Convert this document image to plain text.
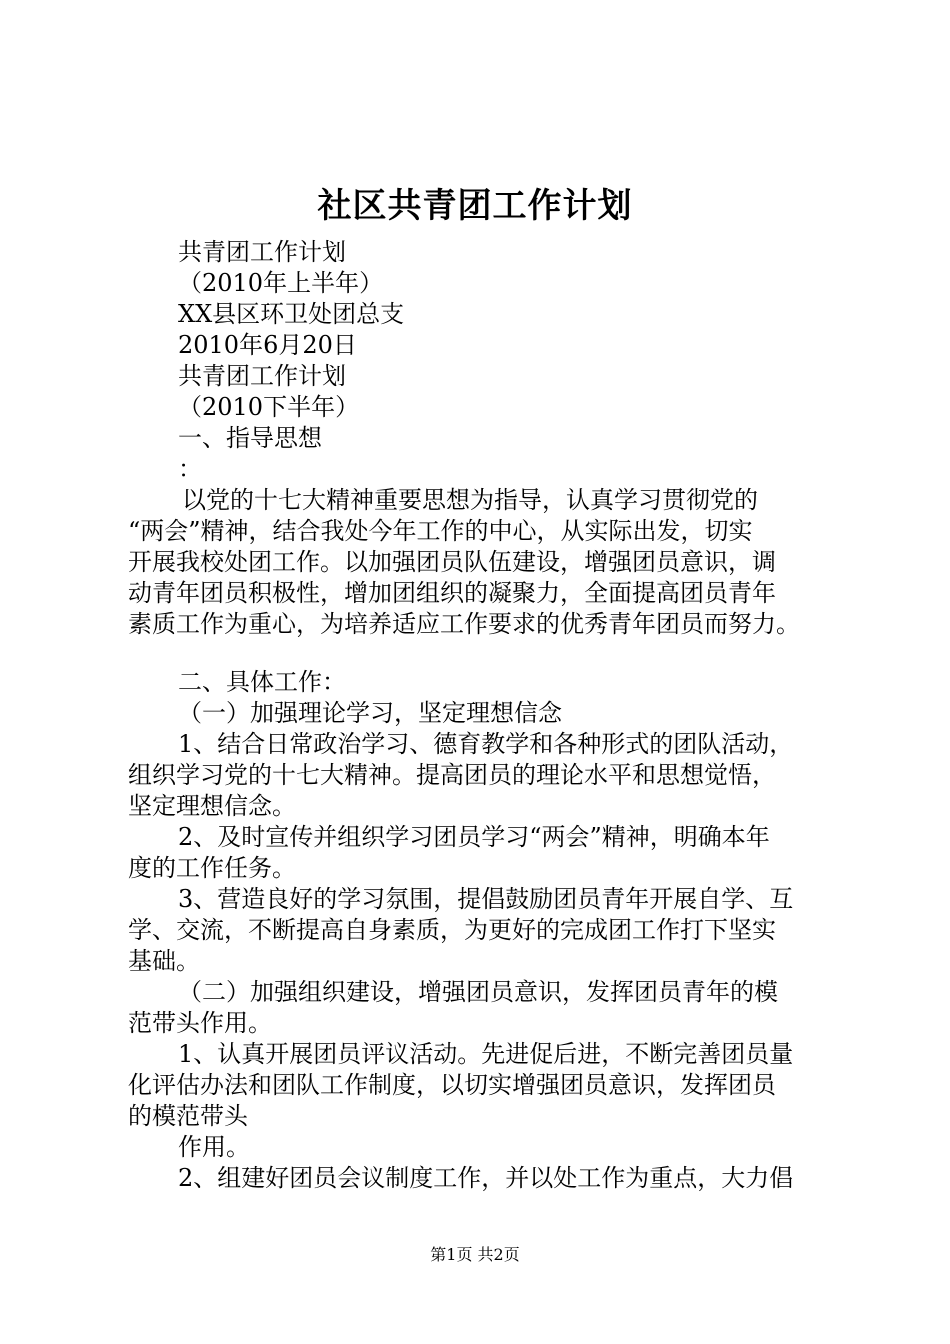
社区共青团工作计划

共青团工作计划

（2010年上半年）

XX县区环卫处团总支

2010年6月20日

共青团工作计划

（2010下半年）

一、指导思想

：

以党的十七大精神重要思想为指导，认真学习贯彻党的

“两会”精神，结合我处今年工作的中心，从实际出发，切实

开展我校处团工作。以加强团员队伍建设，增强团员意识，调

动青年团员积极性，增加团组织的凝聚力，全面提高团员青年

素质工作为重心，为培养适应工作要求的优秀青年团员而努力。

二、具体工作：

（一）加强理论学习，坚定理想信念

1、结合日常政治学习、德育教学和各种形式的团队活动，

组织学习党的十七大精神。提高团员的理论水平和思想觉悟，

坚定理想信念。

2、及时宣传并组织学习团员学习“两会”精神，明确本年

度的工作任务。

3、营造良好的学习氛围，提倡鼓励团员青年开展自学、互

学、交流，不断提高自身素质，为更好的完成团工作打下坚实

基础。

（二）加强组织建设，增强团员意识，发挥团员青年的模

范带头作用。

1、认真开展团员评议活动。先进促后进，不断完善团员量

化评估办法和团队工作制度，以切实增强团员意识，发挥团员

的模范带头

作用。

2、组建好团员会议制度工作，并以处工作为重点，大力倡

第1页 共2页
